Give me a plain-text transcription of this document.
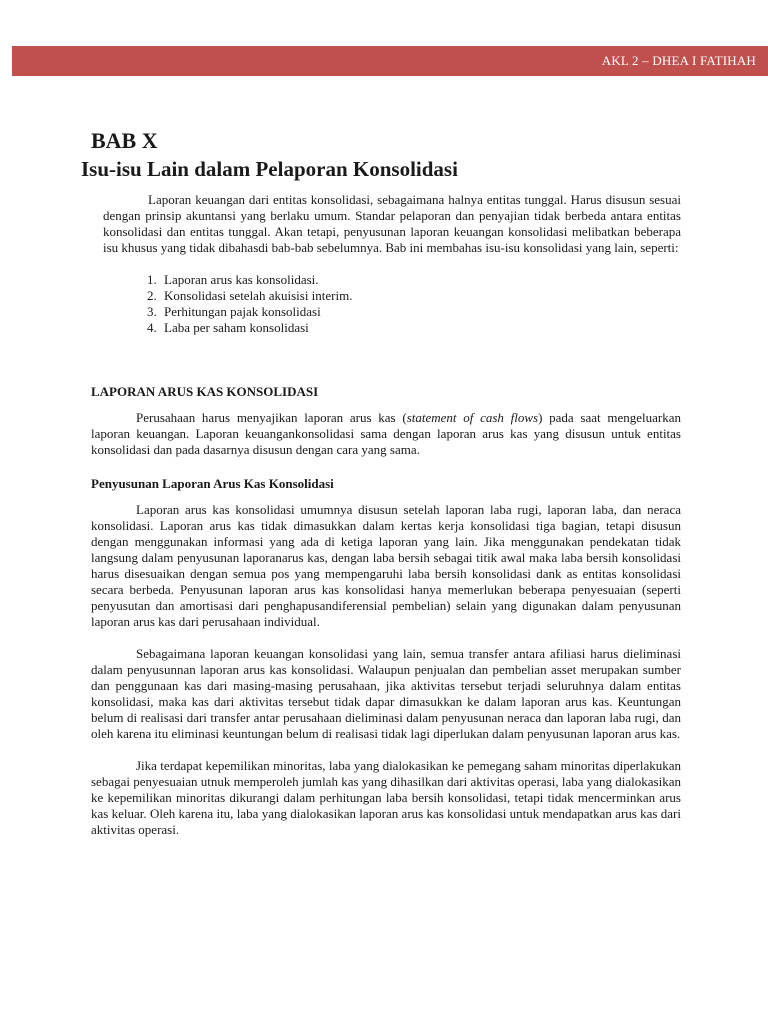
AKL 2 – DHEA I FATIHAH
BAB X
Isu-isu Lain dalam Pelaporan Konsolidasi

Laporan keuangan dari entitas konsolidasi, sebagaimana halnya entitas tunggal. Harus disusun sesuai dengan prinsip akuntansi yang berlaku umum. Standar pelaporan dan penyajian tidak berbeda antara entitas konsolidasi dan entitas tunggal. Akan tetapi, penyusunan laporan keuangan konsolidasi melibatkan beberapa isu khusus yang tidak dibahasdi bab-bab sebelumnya. Bab ini membahas isu-isu konsolidasi yang lain, seperti:

1. Laporan arus kas konsolidasi.
2. Konsolidasi setelah akuisisi interim.
3. Perhitungan pajak konsolidasi
4. Laba per saham konsolidasi
LAPORAN ARUS KAS KONSOLIDASI

Perusahaan harus menyajikan laporan arus kas (statement of cash flows) pada saat mengeluarkan laporan keuangan. Laporan keuangankonsolidasi sama dengan laporan arus kas yang disusun untuk entitas konsolidasi dan pada dasarnya disusun dengan cara yang sama.

Penyusunan Laporan Arus Kas Konsolidasi

Laporan arus kas konsolidasi umumnya disusun setelah laporan laba rugi, laporan laba, dan neraca konsolidasi. Laporan arus kas tidak dimasukkan dalam kertas kerja konsolidasi tiga bagian, tetapi disusun dengan menggunakan informasi yang ada di ketiga laporan yang lain. Jika menggunakan pendekatan tidak langsung dalam penyusunan laporanarus kas, dengan laba bersih sebagai titik awal maka laba bersih konsolidasi harus disesuaikan dengan semua pos yang mempengaruhi laba bersih konsolidasi dank as entitas konsolidasi secara berbeda. Penyusunan laporan arus kas konsolidasi hanya memerlukan beberapa penyesuaian (seperti penyusutan dan amortisasi dari penghapusandiferensial pembelian) selain yang digunakan dalam penyusunan laporan arus kas dari perusahaan individual.

Sebagaimana laporan keuangan konsolidasi yang lain, semua transfer antara afiliasi harus dieliminasi dalam penyusunnan laporan arus kas konsolidasi. Walaupun penjualan dan pembelian asset merupakan sumber dan penggunaan kas dari masing-masing perusahaan, jika aktivitas tersebut terjadi seluruhnya dalam entitas konsolidasi, maka kas dari aktivitas tersebut tidak dapar dimasukkan ke dalam laporan arus kas. Keuntungan belum di realisasi dari transfer antar perusahaan dieliminasi dalam penyusunan neraca dan laporan laba rugi, dan oleh karena itu eliminasi keuntungan belum di realisasi tidak lagi diperlukan dalam penyusunan laporan arus kas.

Jika terdapat kepemilikan minoritas, laba yang dialokasikan ke pemegang saham minoritas diperlakukan sebagai penyesuaian utnuk memperoleh jumlah kas yang dihasilkan dari aktivitas operasi, laba yang dialokasikan ke kepemilikan minoritas dikurangi dalam perhitungan laba bersih konsolidasi, tetapi tidak mencerminkan arus kas keluar. Oleh karena itu, laba yang dialokasikan laporan arus kas konsolidasi untuk mendapatkan arus kas dari aktivitas operasi.
